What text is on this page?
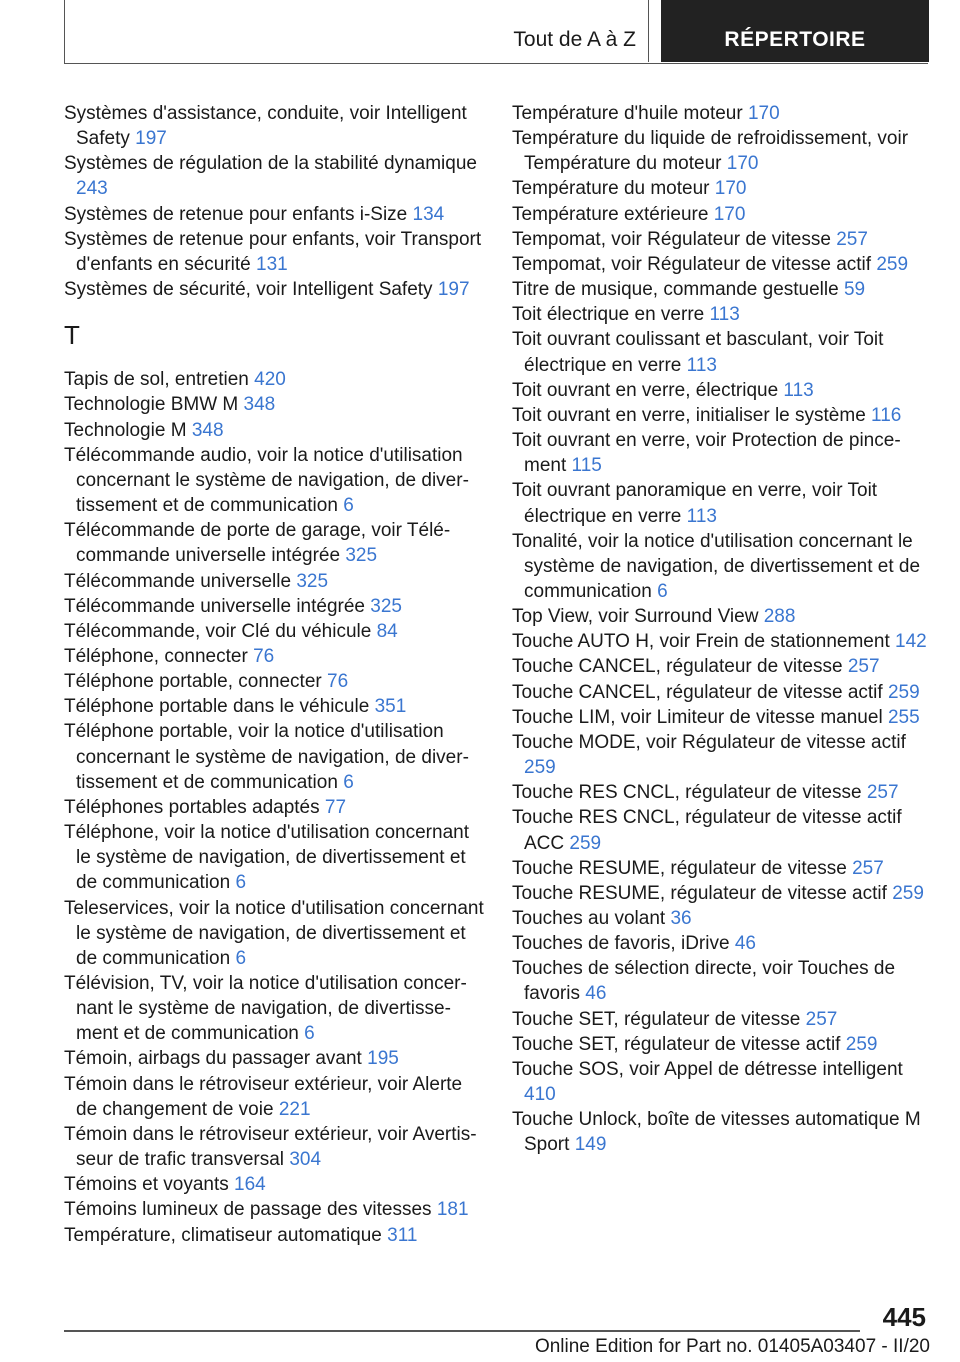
Tout de A à Z	RÉPERTOIRE
Systèmes d'assistance, conduite, voir Intelligent Safety 197
Systèmes de régulation de la stabilité dynamique 243
Systèmes de retenue pour enfants i-Size 134
Systèmes de retenue pour enfants, voir Transport d'enfants en sécurité 131
Systèmes de sécurité, voir Intelligent Safety 197
T
Tapis de sol, entretien 420
Technologie BMW M 348
Technologie M 348
Télécommande audio, voir la notice d'utilisation concernant le système de navigation, de divertissement et de communication 6
Télécommande de porte de garage, voir Télécommande universelle intégrée 325
Télécommande universelle 325
Télécommande universelle intégrée 325
Télécommande, voir Clé du véhicule 84
Téléphone, connecter 76
Téléphone portable, connecter 76
Téléphone portable dans le véhicule 351
Téléphone portable, voir la notice d'utilisation concernant le système de navigation, de divertissement et de communication 6
Téléphones portables adaptés 77
Téléphone, voir la notice d'utilisation concernant le système de navigation, de divertissement et de communication 6
Teleservices, voir la notice d'utilisation concernant le système de navigation, de divertissement et de communication 6
Télévision, TV, voir la notice d'utilisation concernant le système de navigation, de divertissement et de communication 6
Témoin, airbags du passager avant 195
Témoin dans le rétroviseur extérieur, voir Alerte de changement de voie 221
Témoin dans le rétroviseur extérieur, voir Avertisseur de trafic transversal 304
Témoins et voyants 164
Témoins lumineux de passage des vitesses 181
Température, climatiseur automatique 311
Température d'huile moteur 170
Température du liquide de refroidissement, voir Température du moteur 170
Température du moteur 170
Température extérieure 170
Tempomat, voir Régulateur de vitesse 257
Tempomat, voir Régulateur de vitesse actif 259
Titre de musique, commande gestuelle 59
Toit électrique en verre 113
Toit ouvrant coulissant et basculant, voir Toit électrique en verre 113
Toit ouvrant en verre, électrique 113
Toit ouvrant en verre, initialiser le système 116
Toit ouvrant en verre, voir Protection de pincement 115
Toit ouvrant panoramique en verre, voir Toit électrique en verre 113
Tonalité, voir la notice d'utilisation concernant le système de navigation, de divertissement et de communication 6
Top View, voir Surround View 288
Touche AUTO H, voir Frein de stationnement 142
Touche CANCEL, régulateur de vitesse 257
Touche CANCEL, régulateur de vitesse actif 259
Touche LIM, voir Limiteur de vitesse manuel 255
Touche MODE, voir Régulateur de vitesse actif 259
Touche RES CNCL, régulateur de vitesse 257
Touche RES CNCL, régulateur de vitesse actif ACC 259
Touche RESUME, régulateur de vitesse 257
Touche RESUME, régulateur de vitesse actif 259
Touches au volant 36
Touches de favoris, iDrive 46
Touches de sélection directe, voir Touches de favoris 46
Touche SET, régulateur de vitesse 257
Touche SET, régulateur de vitesse actif 259
Touche SOS, voir Appel de détresse intelligent 410
Touche Unlock, boîte de vitesses automatique M Sport 149
445
Online Edition for Part no. 01405A03407 - II/20
